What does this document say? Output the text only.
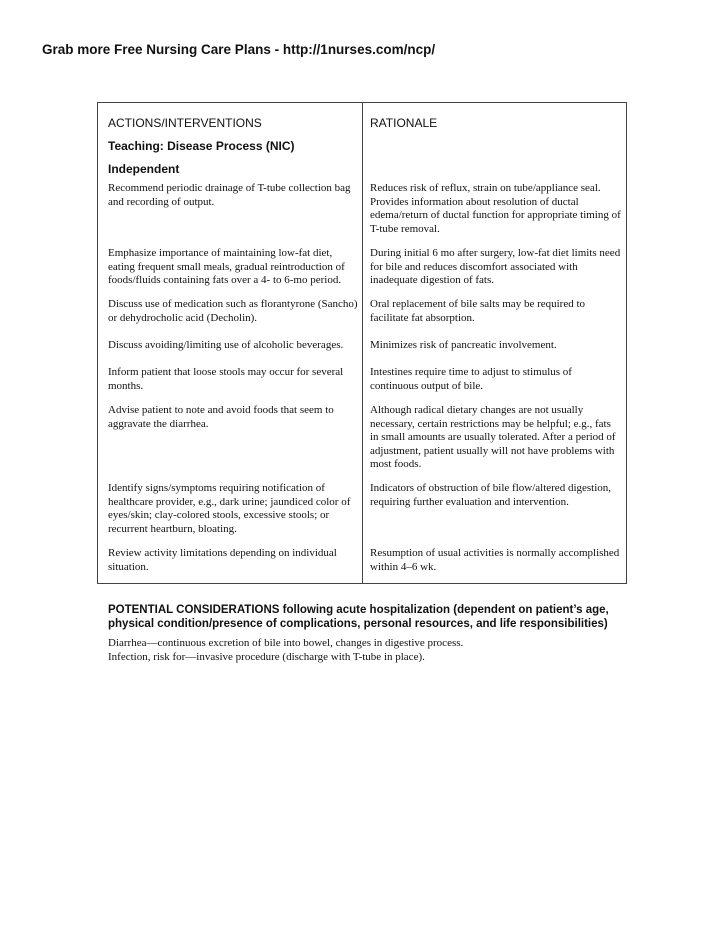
Grab more Free Nursing Care Plans - http://1nurses.com/ncp/
ACTIONS/INTERVENTIONS	RATIONALE
Teaching: Disease Process (NIC)
Independent
Recommend periodic drainage of T-tube collection bag and recording of output.
Reduces risk of reflux, strain on tube/appliance seal. Provides information about resolution of ductal edema/return of ductal function for appropriate timing of T-tube removal.
Emphasize importance of maintaining low-fat diet, eating frequent small meals, gradual reintroduction of foods/fluids containing fats over a 4- to 6-mo period.
During initial 6 mo after surgery, low-fat diet limits need for bile and reduces discomfort associated with inadequate digestion of fats.
Discuss use of medication such as florantyrone (Sancho) or dehydrocholic acid (Decholin).
Oral replacement of bile salts may be required to facilitate fat absorption.
Discuss avoiding/limiting use of alcoholic beverages.	Minimizes risk of pancreatic involvement.
Inform patient that loose stools may occur for several months.
Intestines require time to adjust to stimulus of continuous output of bile.
Advise patient to note and avoid foods that seem to aggravate the diarrhea.
Although radical dietary changes are not usually necessary, certain restrictions may be helpful; e.g., fats in small amounts are usually tolerated. After a period of adjustment, patient usually will not have problems with most foods.
Identify signs/symptoms requiring notification of healthcare provider, e.g., dark urine; jaundiced color of eyes/skin; clay-colored stools, excessive stools; or recurrent heartburn, bloating.
Indicators of obstruction of bile flow/altered digestion, requiring further evaluation and intervention.
Review activity limitations depending on individual situation.
Resumption of usual activities is normally accomplished within 4–6 wk.
POTENTIAL CONSIDERATIONS following acute hospitalization (dependent on patient’s age, physical condition/presence of complications, personal resources, and life responsibilities)
Diarrhea—continuous excretion of bile into bowel, changes in digestive process.
Infection, risk for—invasive procedure (discharge with T-tube in place).
